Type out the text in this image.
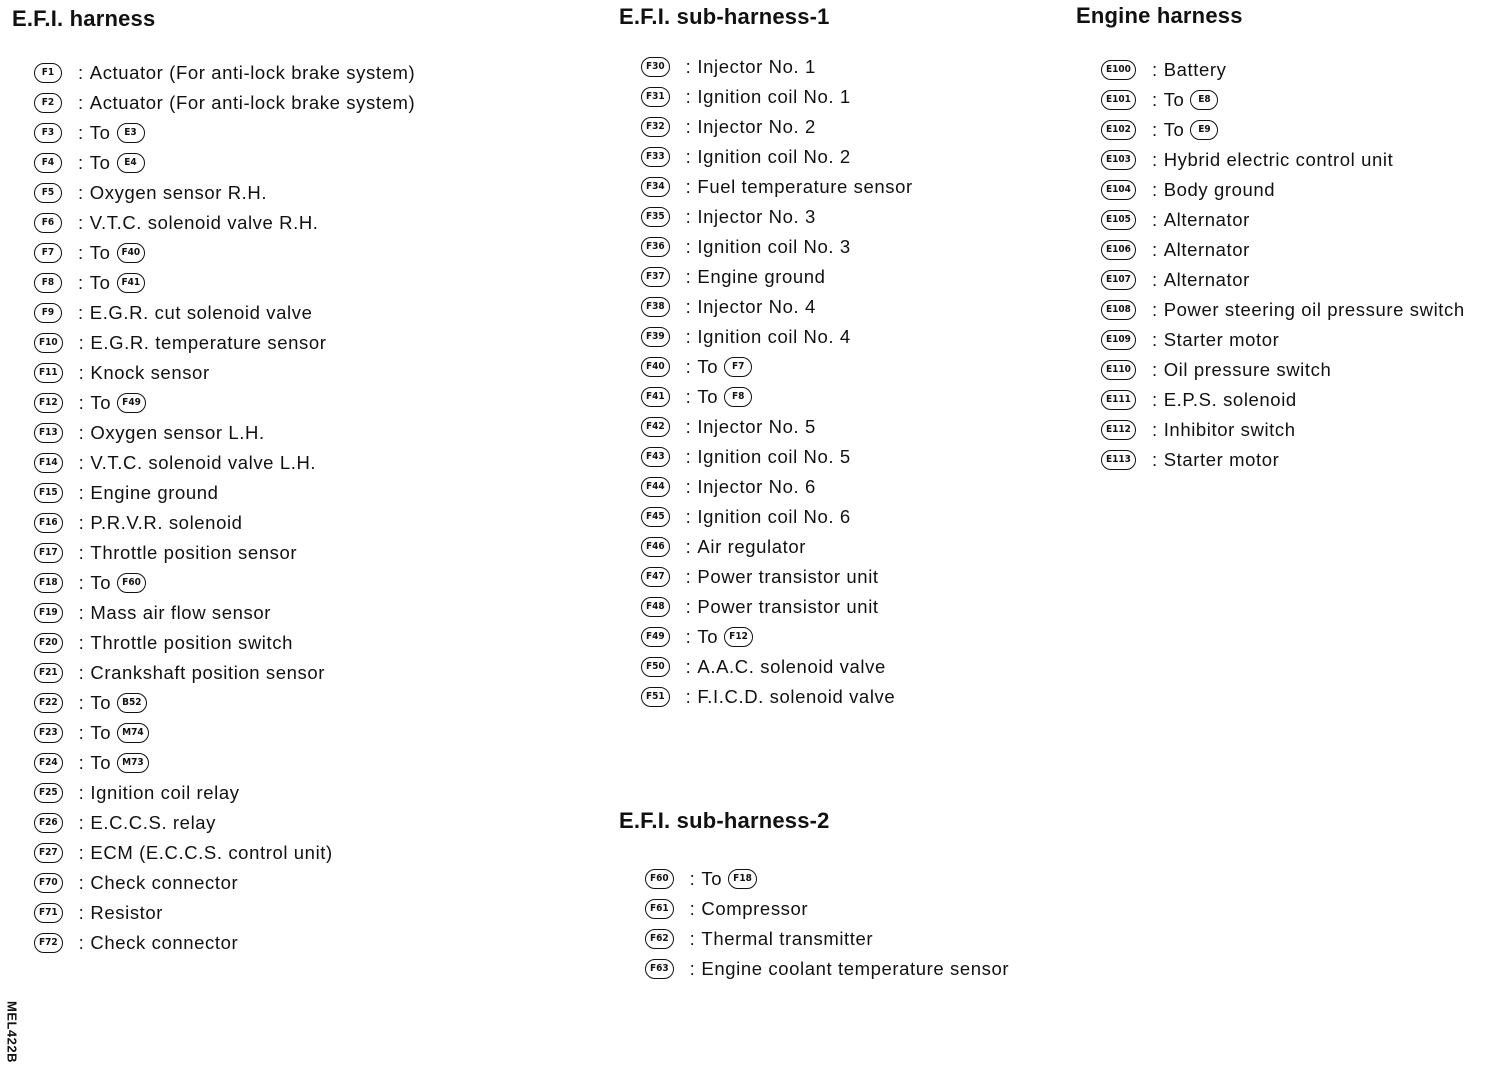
E.F.I. harness
F1	: Actuator (For anti-lock brake system)
F2	: Actuator (For anti-lock brake system)
F3	: To	E3
F4	: To	E4
F5	: Oxygen sensor R.H.
F6	: V.T.C. solenoid valve R.H.
F7	: To	F40
F8	: To	F41
F9	: E.G.R. cut solenoid valve
F10 : E.G.R. temperature sensor
F11 : Knock sensor
F12 : To	F49
F13 : Oxygen sensor L.H.
F14 : V.T.C. solenoid valve L.H.
F15 : Engine ground
F16 : P.R.V.R. solenoid
F17 : Throttle position sensor
F18 : To	F60
F19 : Mass air flow sensor
F20 : Throttle position switch
F21 : Crankshaft position sensor
F22 : To	B52
F23 : To	M74
F24 : To	M73
F25 : Ignition coil relay
F26 : E.C.C.S. relay
F27 : ECM (E.C.C.S. control unit)
F70 : Check connector
F71 : Resistor
F72 : Check connector
E.F.I. sub-harness-1
F30 : Injector No. 1
F31 : Ignition coil No. 1
F32 : Injector No. 2
F33 : Ignition coil No. 2
F34 : Fuel temperature sensor
F35 : Injector No. 3
F36 : Ignition coil No. 3
F37 : Engine ground
F38 : Injector No. 4
F39 : Ignition coil No. 4
F40 : To	F7
F41 : To	F8
F42 : Injector No. 5
F43 : Ignition coil No. 5
F44 : Injector No. 6
F45 : Ignition coil No. 6
F46 : Air regulator
F47 : Power transistor unit
F48 : Power transistor unit
F49 : To	F12
F50 : A.A.C. solenoid valve
F51 : F.I.C.D. solenoid valve
Engine harness
E100 : Battery
E101 : To	E8
E102 : To	E9
E103 : Hybrid electric control unit
E104 : Body ground
E105 : Alternator
E106 : Alternator
E107 : Alternator
E108 : Power steering oil pressure switch
E109 : Starter motor
E110 : Oil pressure switch
E111 : E.P.S. solenoid
E112 : Inhibitor switch
E113 : Starter motor
E.F.I. sub-harness-2
F60 : To	F18
F61 : Compressor
F62 : Thermal transmitter
F63 : Engine coolant temperature sensor
MEL422B
